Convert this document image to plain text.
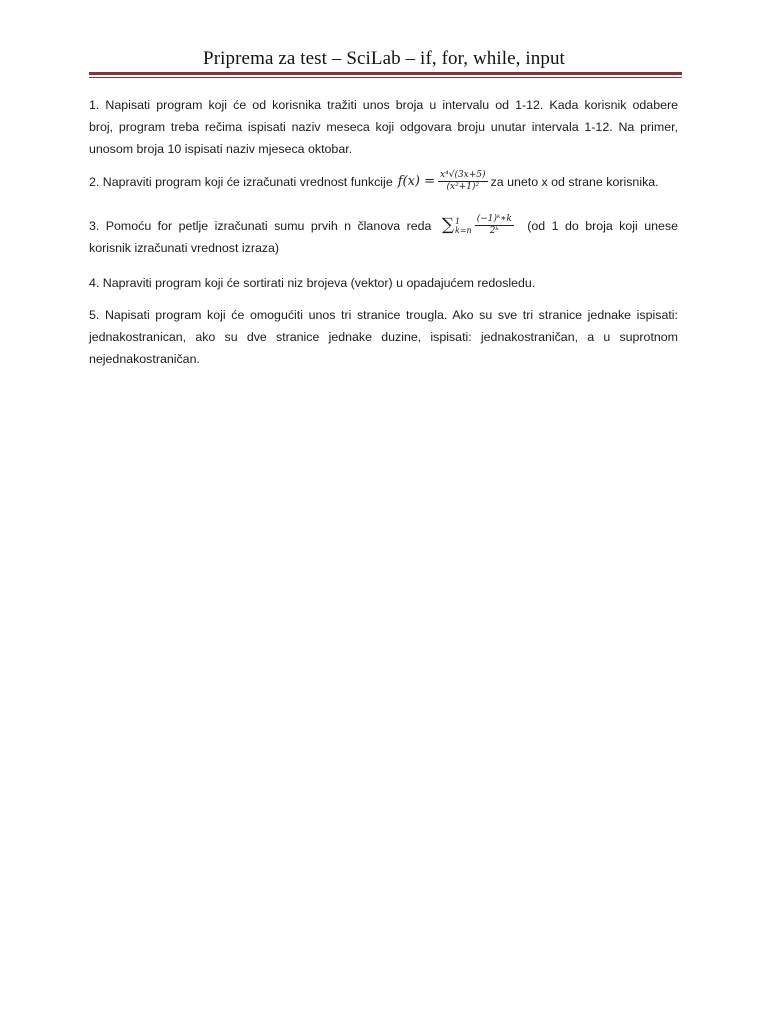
Priprema za test – SciLab – if, for, while, input
1. Napisati program koji će od korisnika tražiti unos broja u intervalu od 1-12. Kada korisnik odabere
broj, program treba rečima ispisati naziv meseca koji odgovara broju unutar intervala 1-12. Na primer,
unosom broja 10 ispisati naziv mjeseca oktobar.
2. Napraviti program koji će izračunati vrednost funkcije $f(x) = \frac{\text{x⁴√(3x+5)}}{\text{(x²+1)²}}$ za uneto x od strane korisnika.
3. Pomoću for petlje izračunati sumu prvih n članova reda ∑ 1
$k=n \frac{\text{(−1)ᵏ∗k}}{\text{2ᵏ}} (od$ 1 do broja koji unese
korisnik izračunati vrednost izraza)
4. Napraviti program koji će sortirati niz brojeva (vektor) u opadajućem redosledu.
5. Napisati program koji će omogućiti unos tri stranice trougla. Ako su sve tri stranice jednake ispisati:
jednakostranican, ako su dve stranice jednake duzine, ispisati: jednakostraničan, a u suprotnom
nejednakostraničan.
